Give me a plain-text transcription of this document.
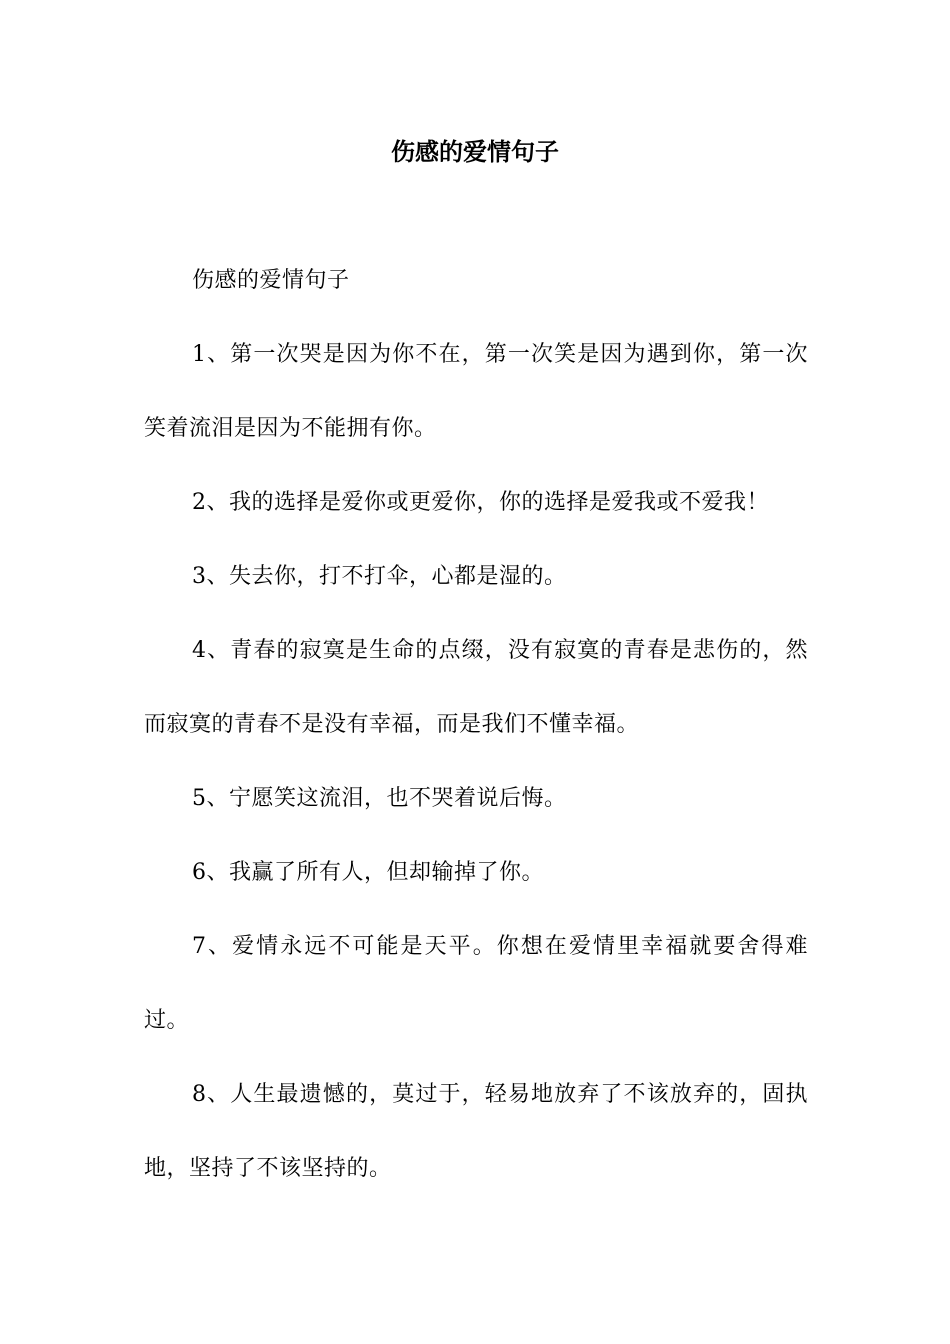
伤感的爱情句子

伤感的爱情句子

1、第一次哭是因为你不在，第一次笑是因为遇到你，第一次笑着流泪是因为不能拥有你。

2、我的选择是爱你或更爱你，你的选择是爱我或不爱我！

3、失去你，打不打伞，心都是湿的。

4、青春的寂寞是生命的点缀，没有寂寞的青春是悲伤的，然而寂寞的青春不是没有幸福，而是我们不懂幸福。

5、宁愿笑这流泪，也不哭着说后悔。

6、我赢了所有人，但却输掉了你。

7、爱情永远不可能是天平。你想在爱情里幸福就要舍得难过。

8、人生最遗憾的，莫过于，轻易地放弃了不该放弃的，固执地，坚持了不该坚持的。
